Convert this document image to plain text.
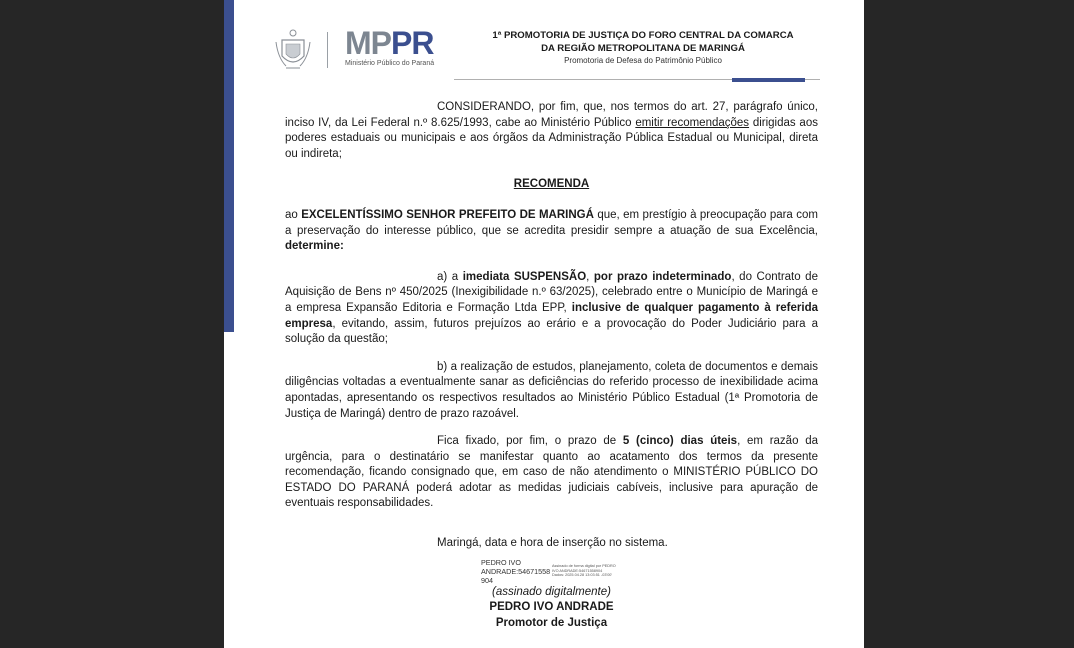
MPPR
Ministério Público do Paraná
1ª PROMOTORIA DE JUSTIÇA DO FORO CENTRAL DA COMARCA
DA REGIÃO METROPOLITANA DE MARINGÁ
Promotoria de Defesa do Patrimônio Público

CONSIDERANDO, por fim, que, nos termos do art. 27, parágrafo único, inciso IV, da Lei Federal n.º 8.625/1993, cabe ao Ministério Público emitir recomendações dirigidas aos poderes estaduais ou municipais e aos órgãos da Administração Pública Estadual ou Municipal, direta ou indireta;

RECOMENDA

ao EXCELENTÍSSIMO SENHOR PREFEITO DE MARINGÁ que, em prestígio à preocupação para com a preservação do interesse público, que se acredita presidir sempre a atuação de sua Excelência, determine:

a) a imediata SUSPENSÃO, por prazo indeterminado, do Contrato de Aquisição de Bens nº 450/2025 (Inexigibilidade n.º 63/2025), celebrado entre o Município de Maringá e a empresa Expansão Editoria e Formação Ltda EPP, inclusive de qualquer pagamento à referida empresa, evitando, assim, futuros prejuízos ao erário e a provocação do Poder Judiciário para a solução da questão;

b) a realização de estudos, planejamento, coleta de documentos e demais diligências voltadas a eventualmente sanar as deficiências do referido processo de inexibilidade acima apontadas, apresentando os respectivos resultados ao Ministério Público Estadual (1ª Promotoria de Justiça de Maringá) dentro de prazo razoável.

Fica fixado, por fim, o prazo de 5 (cinco) dias úteis, em razão da urgência, para o destinatário se manifestar quanto ao acatamento dos termos da presente recomendação, ficando consignado que, em caso de não atendimento o MINISTÉRIO PÚBLICO DO ESTADO DO PARANÁ poderá adotar as medidas judiciais cabíveis, inclusive para apuração de eventuais responsabilidades.

Maringá, data e hora de inserção no sistema.
PEDRO IVO
ANDRADE:54671558
904
Assinado de forma digital por PEDRO
IVO ANDRADE:54671558904
Dados: 2025.04.28 13:03:51 -03'00'
(assinado digitalmente)
PEDRO IVO ANDRADE
Promotor de Justiça
